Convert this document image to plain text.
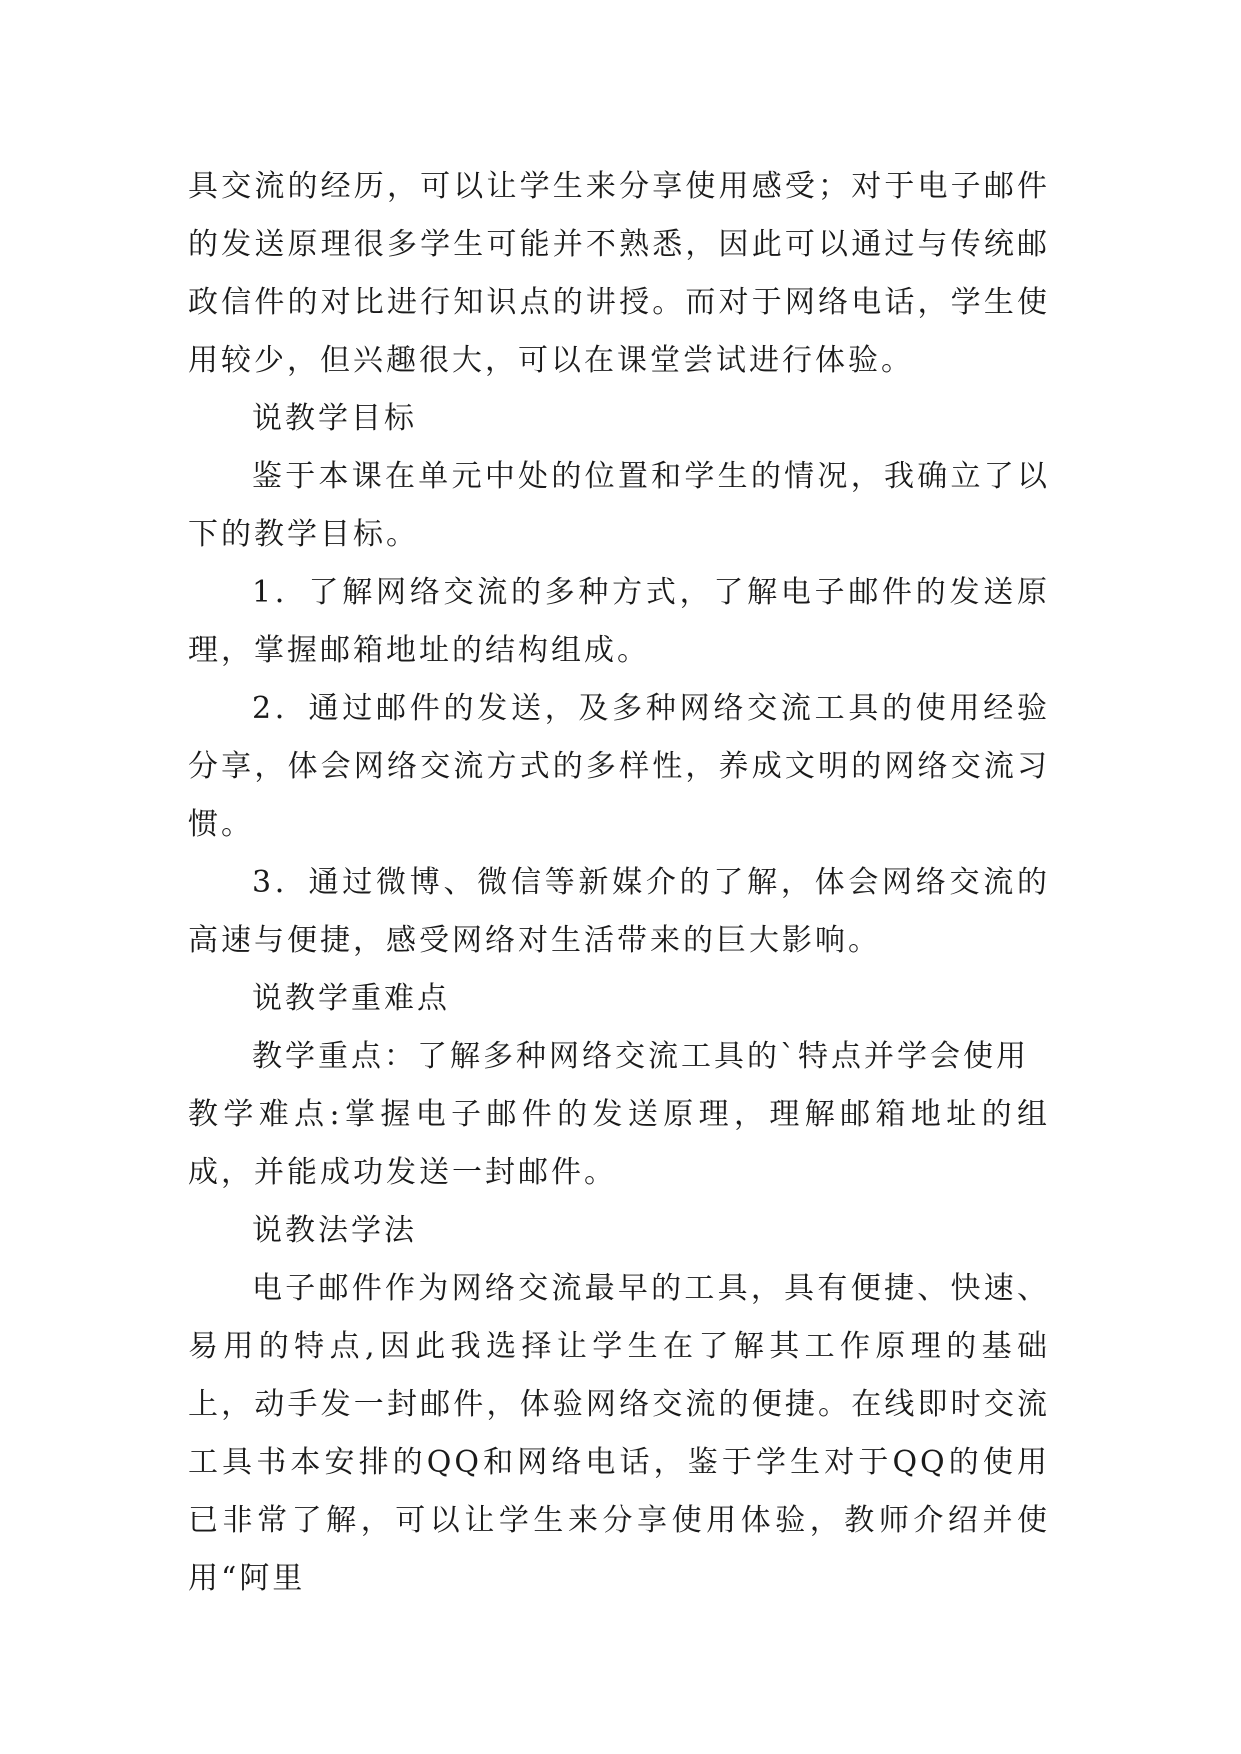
具交流的经历，可以让学生来分享使用感受；对于电子邮件的发送原理很多学生可能并不熟悉，因此可以通过与传统邮政信件的对比进行知识点的讲授。而对于网络电话，学生使用较少，但兴趣很大，可以在课堂尝试进行体验。

说教学目标

鉴于本课在单元中处的位置和学生的情况，我确立了以下的教学目标。

1．了解网络交流的多种方式，了解电子邮件的发送原理，掌握邮箱地址的结构组成。

2．通过邮件的发送，及多种网络交流工具的使用经验分享，体会网络交流方式的多样性，养成文明的网络交流习惯。

3．通过微博、微信等新媒介的了解，体会网络交流的高速与便捷，感受网络对生活带来的巨大影响。

说教学重难点

教学重点：了解多种网络交流工具的`特点并学会使用

教学难点:掌握电子邮件的发送原理，理解邮箱地址的组成，并能成功发送一封邮件。

说教法学法

电子邮件作为网络交流最早的工具，具有便捷、快速、易用的特点,因此我选择让学生在了解其工作原理的基础上，动手发一封邮件，体验网络交流的便捷。在线即时交流工具书本安排的QQ和网络电话，鉴于学生对于QQ的使用已非常了解，可以让学生来分享使用体验，教师介绍并使用“阿里
